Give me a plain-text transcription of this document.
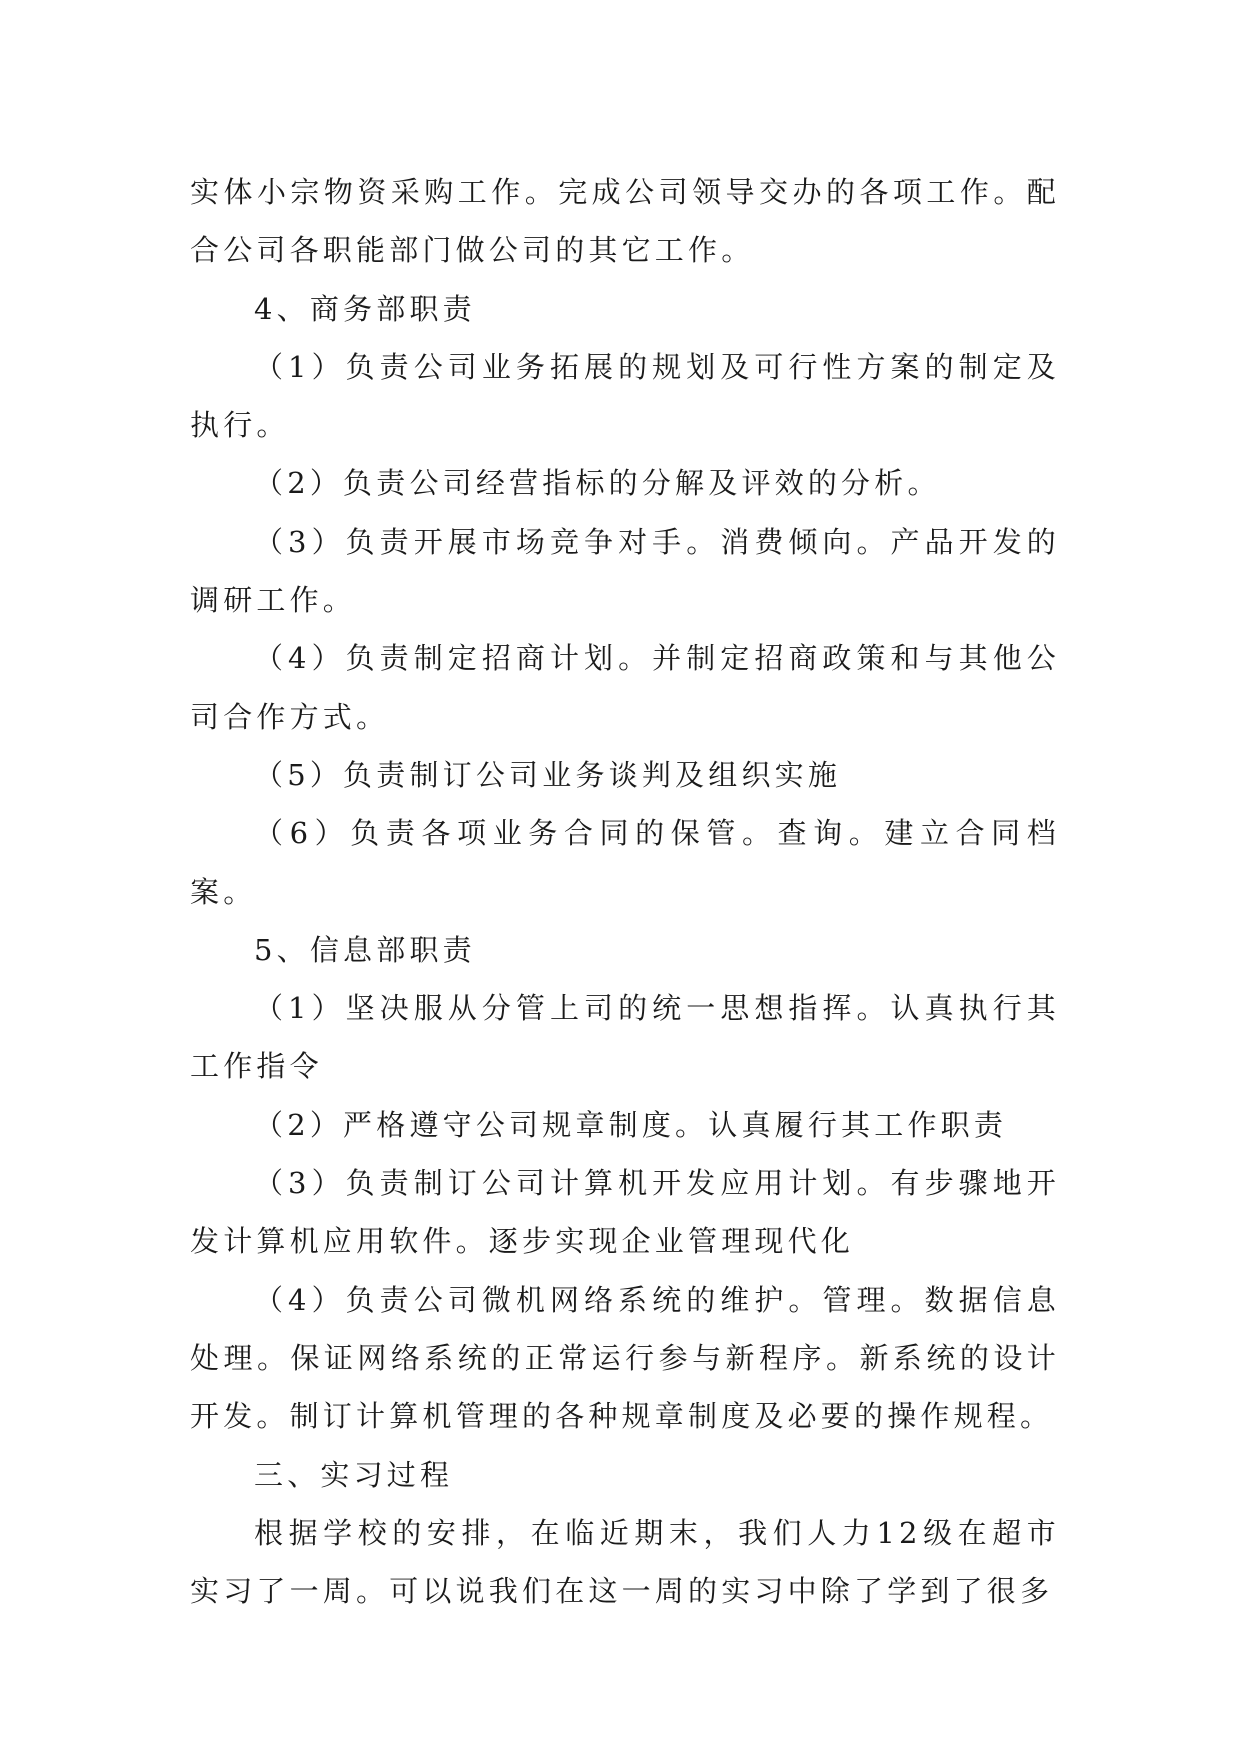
实体小宗物资采购工作。完成公司领导交办的各项工作。配合公司各职能部门做公司的其它工作。

4、商务部职责

（1）负责公司业务拓展的规划及可行性方案的制定及执行。

（2）负责公司经营指标的分解及评效的分析。

（3）负责开展市场竞争对手。消费倾向。产品开发的调研工作。

（4）负责制定招商计划。并制定招商政策和与其他公司合作方式。

（5）负责制订公司业务谈判及组织实施

（6）负责各项业务合同的保管。查询。建立合同档案。

5、信息部职责

（1）坚决服从分管上司的统一思想指挥。认真执行其工作指令

（2）严格遵守公司规章制度。认真履行其工作职责

（3）负责制订公司计算机开发应用计划。有步骤地开发计算机应用软件。逐步实现企业管理现代化

（4）负责公司微机网络系统的维护。管理。数据信息处理。保证网络系统的正常运行参与新程序。新系统的设计开发。制订计算机管理的各种规章制度及必要的操作规程。

三、实习过程

根据学校的安排，在临近期末，我们人力12级在超市实习了一周。可以说我们在这一周的实习中除了学到了很多
